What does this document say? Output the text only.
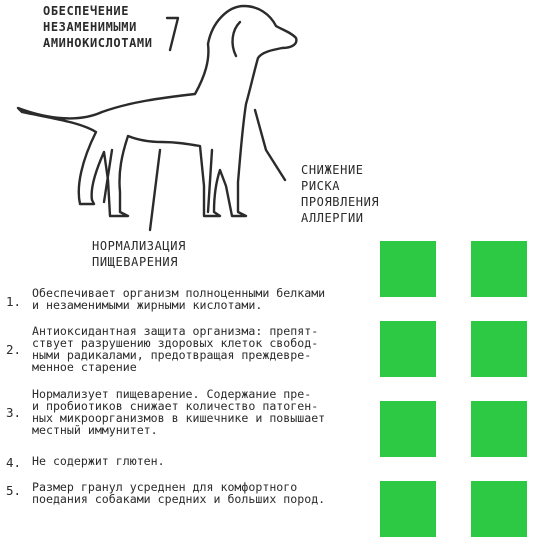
ОБЕСПЕЧЕНИЕ
НЕЗАМЕНИМЫМИ
АМИНОКИСЛОТАМИ
СНИЖЕНИЕ
РИСКА
ПРОЯВЛЕНИЯ
АЛЛЕРГИИ
НОРМАЛИЗАЦИЯ
ПИЩЕВАРЕНИЯ
1.
Обеспечивает организм полноценными белками
и незаменимыми жирными кислотами.
2.
Антиоксидантная защита организма: препят-
ствует разрушению здоровых клеток свобод-
ными радикалами, предотвращая преждевре-
менное старение
3.
Нормализует пищеварение. Содержание пре-
и пробиотиков снижает количество патоген-
ных микроорганизмов в кишечнике и повышает
местный иммунитет.
4. Не содержит глютен.
5. Размер гранул усреднен для комфортного
поедания собаками средних и больших пород.
